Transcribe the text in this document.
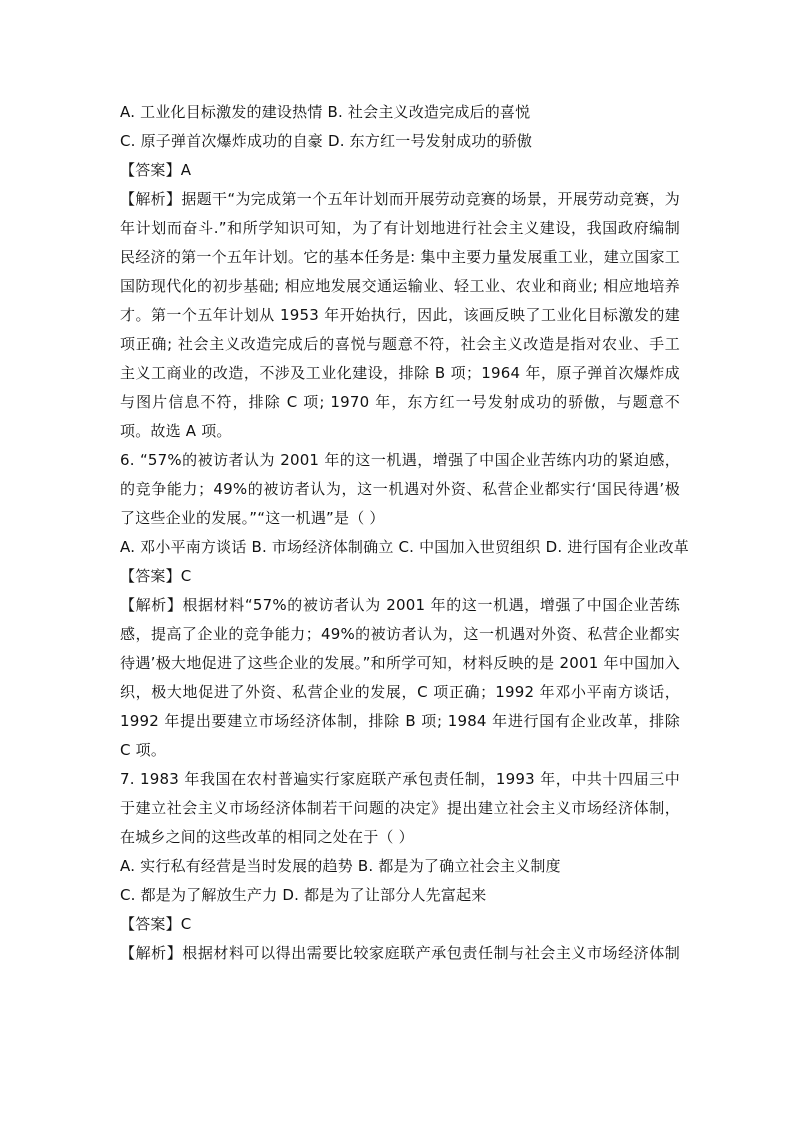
A. 工业化目标激发的建设热情 B. 社会主义改造完成后的喜悦
C. 原子弹首次爆炸成功的自豪 D. 东方红一号发射成功的骄傲
【答案】A
【解析】据题干“为完成第一个五年计划而开展劳动竞赛的场景，开展劳动竞赛，为
年计划而奋斗.”和所学知识可知，为了有计划地进行社会主义建设，我国政府编制
民经济的第一个五年计划。它的基本任务是: 集中主要力量发展重工业，建立国家工
国防现代化的初步基础; 相应地发展交通运输业、轻工业、农业和商业; 相应地培养
才。第一个五年计划从 1953 年开始执行，因此，该画反映了工业化目标激发的建
项正确; 社会主义改造完成后的喜悦与题意不符，社会主义改造是指对农业、手工
主义工商业的改造，不涉及工业化建设，排除 B 项；1964 年，原子弹首次爆炸成
与图片信息不符，排除 C 项; 1970 年，东方红一号发射成功的骄傲，与题意不
项。故选 A 项。
6. “57%的被访者认为 2001 年的这一机遇，增强了中国企业苦练内功的紧迫感，
的竞争能力；49%的被访者认为，这一机遇对外资、私营企业都实行‘国民待遇’极
了这些企业的发展。”“这一机遇”是（ ）
A. 邓小平南方谈话 B. 市场经济体制确立 C. 中国加入世贸组织 D. 进行国有企业改革
【答案】C
【解析】根据材料“57%的被访者认为 2001 年的这一机遇，增强了中国企业苦练
感，提高了企业的竞争能力；49%的被访者认为，这一机遇对外资、私营企业都实
待遇’极大地促进了这些企业的发展。”和所学可知，材料反映的是 2001 年中国加入
织，极大地促进了外资、私营企业的发展，C 项正确；1992 年邓小平南方谈话，
1992 年提出要建立市场经济体制，排除 B 项; 1984 年进行国有企业改革，排除
C 项。
7. 1983 年我国在农村普遍实行家庭联产承包责任制，1993 年，中共十四届三中
于建立社会主义市场经济体制若干问题的决定》提出建立社会主义市场经济体制，
在城乡之间的这些改革的相同之处在于（ ）
A. 实行私有经营是当时发展的趋势 B. 都是为了确立社会主义制度
C. 都是为了解放生产力 D. 都是为了让部分人先富起来
【答案】C
【解析】根据材料可以得出需要比较家庭联产承包责任制与社会主义市场经济体制
